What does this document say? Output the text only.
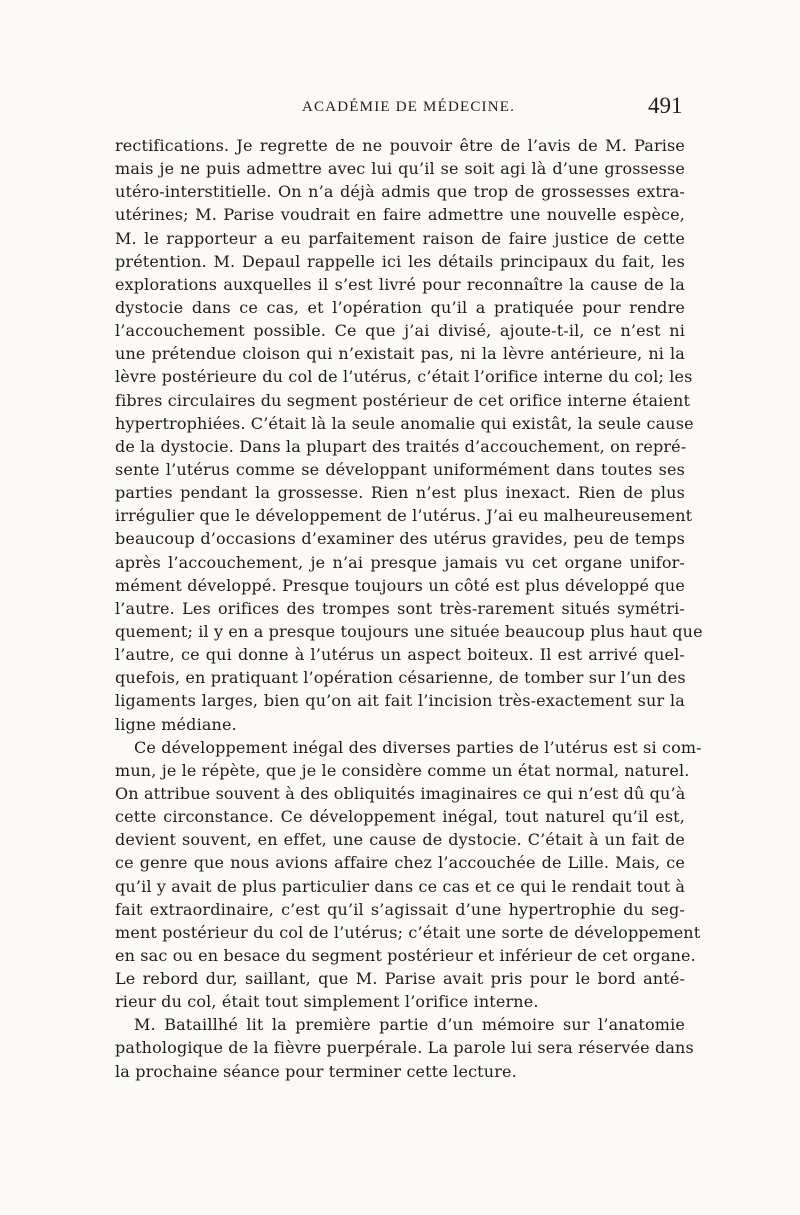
ACADÉMIE DE MÉDECINE.	491
rectifications. Je regrette de ne pouvoir être de l’avis de M. Parise
mais je ne puis admettre avec lui qu’il se soit agi là d’une grossesse
utéro-interstitielle. On n’a déjà admis que trop de grossesses extra-
utérines; M. Parise voudrait en faire admettre une nouvelle espèce,
M. le rapporteur a eu parfaitement raison de faire justice de cette
prétention. M. Depaul rappelle ici les détails principaux du fait, les
explorations auxquelles il s’est livré pour reconnaître la cause de la
dystocie dans ce cas, et l’opération qu’il a pratiquée pour rendre
l’accouchement possible. Ce que j’ai divisé, ajoute-t-il, ce n’est ni
une prétendue cloison qui n’existait pas, ni la lèvre antérieure, ni la
lèvre postérieure du col de l’utérus, c’était l’orifice interne du col; les
fibres circulaires du segment postérieur de cet orifice interne étaient
hypertrophiées. C’était là la seule anomalie qui existât, la seule cause
de la dystocie. Dans la plupart des traités d’accouchement, on repré-
sente l’utérus comme se développant uniformément dans toutes ses
parties pendant la grossesse. Rien n’est plus inexact. Rien de plus
irrégulier que le développement de l’utérus. J’ai eu malheureusement
beaucoup d’occasions d’examiner des utérus gravides, peu de temps
après l’accouchement, je n’ai presque jamais vu cet organe unifor-
mément développé. Presque toujours un côté est plus développé que
l’autre. Les orifices des trompes sont très-rarement situés symétri-
quement; il y en a presque toujours une située beaucoup plus haut que
l’autre, ce qui donne à l’utérus un aspect boiteux. Il est arrivé quel-
quefois, en pratiquant l’opération césarienne, de tomber sur l’un des
ligaments larges, bien qu’on ait fait l’incision très-exactement sur la
ligne médiane.
Ce développement inégal des diverses parties de l’utérus est si com-
mun, je le répète, que je le considère comme un état normal, naturel.
On attribue souvent à des obliquités imaginaires ce qui n’est dû qu’à
cette circonstance. Ce développement inégal, tout naturel qu’il est,
devient souvent, en effet, une cause de dystocie. C’était à un fait de
ce genre que nous avions affaire chez l’accouchée de Lille. Mais, ce
qu’il y avait de plus particulier dans ce cas et ce qui le rendait tout à
fait extraordinaire, c’est qu’il s’agissait d’une hypertrophie du seg-
ment postérieur du col de l’utérus; c’était une sorte de développement
en sac ou en besace du segment postérieur et inférieur de cet organe.
Le rebord dur, saillant, que M. Parise avait pris pour le bord anté-
rieur du col, était tout simplement l’orifice interne.
M. Bataillhé lit la première partie d’un mémoire sur l’anatomie
pathologique de la fièvre puerpérale. La parole lui sera réservée dans
la prochaine séance pour terminer cette lecture.
